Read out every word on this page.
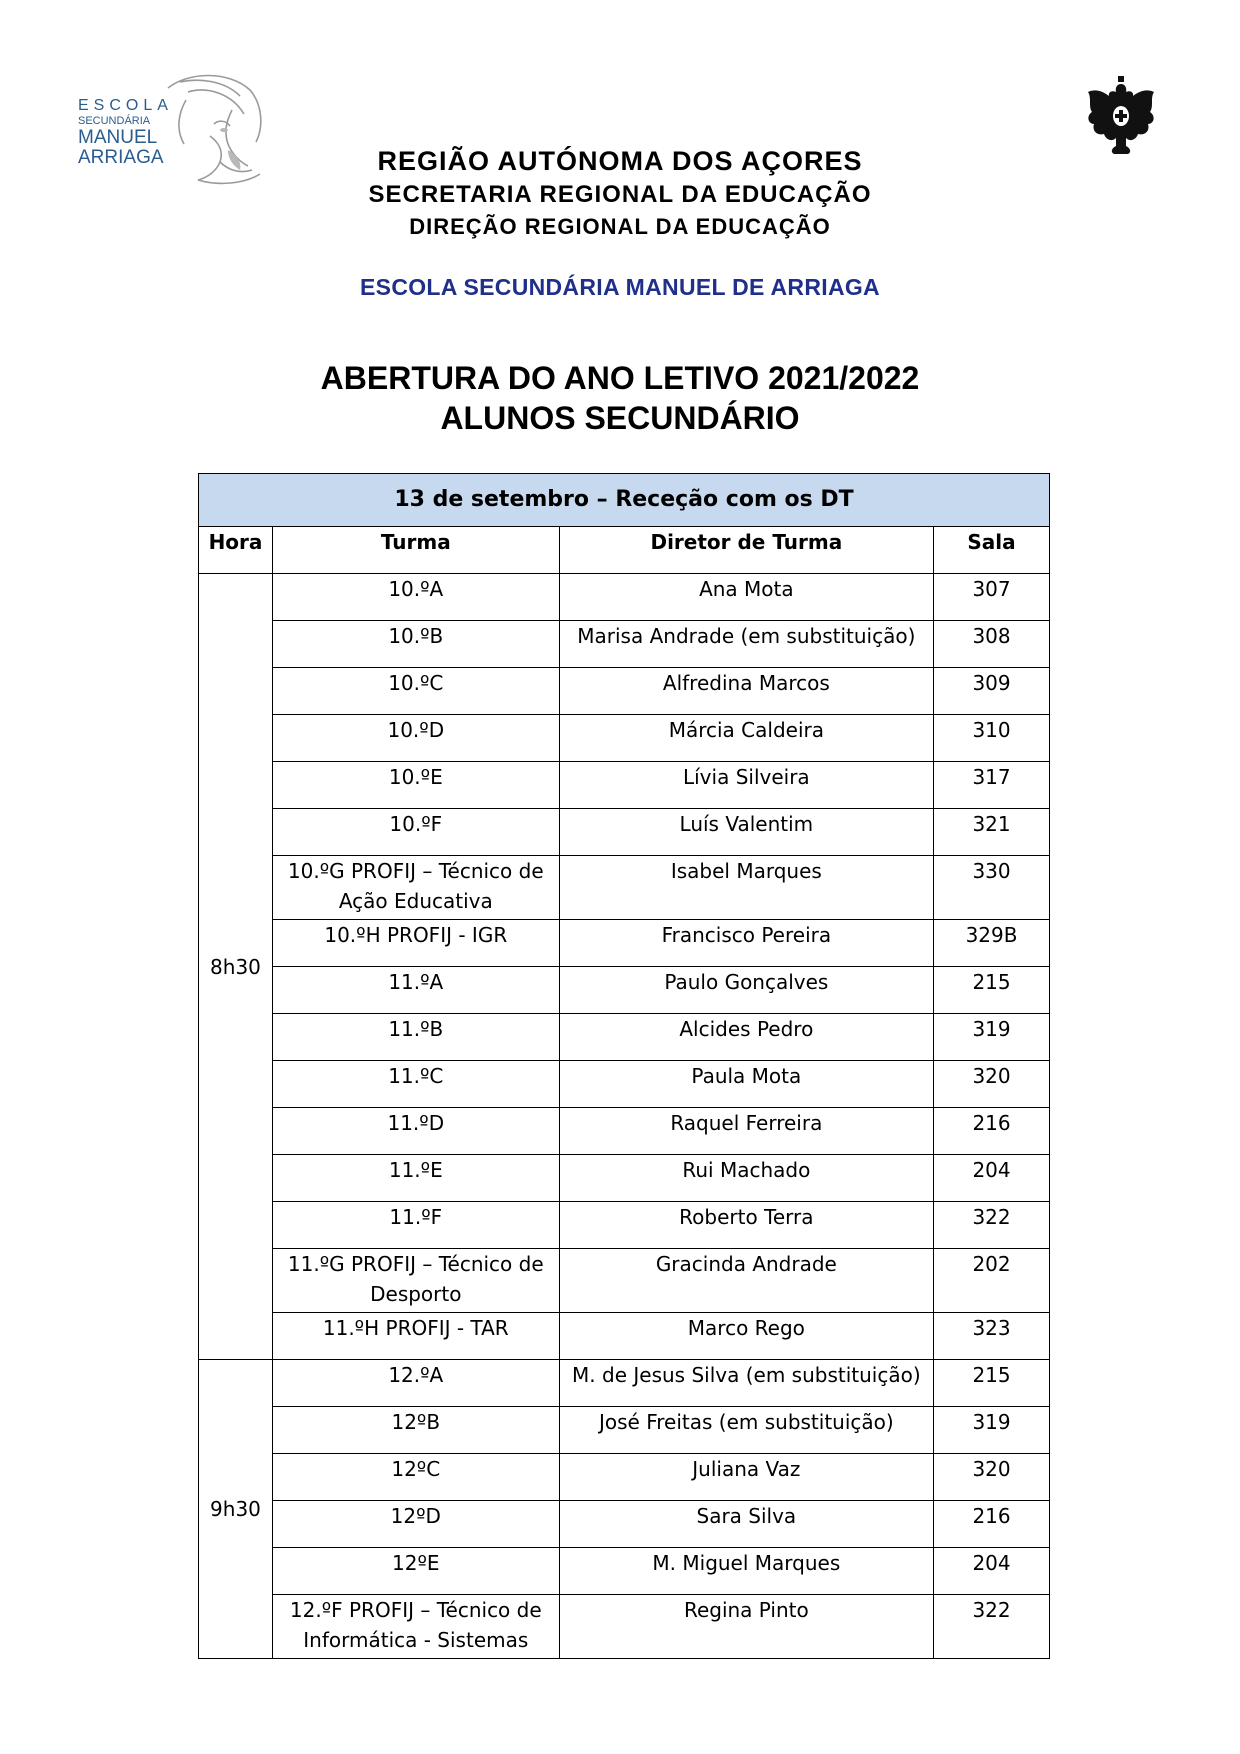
ESCOLA
SECUNDÁRIA
MANUEL
ARRIAGA	REGIÃO AUTÓNOMA DOS AÇORES
SECRETARIA REGIONAL DA EDUCAÇÃO
DIREÇÃO REGIONAL DA EDUCAÇÃO
ESCOLA SECUNDÁRIA MANUEL DE ARRIAGA
ABERTURA DO ANO LETIVO 2021/2022
ALUNOS SECUNDÁRIO
13 de setembro – Receção com os DT			
Hora	Turma	Diretor de Turma	Sala
8h30	10.ºA	Ana Mota	307
	10.ºB	Marisa Andrade (em substituição)	308
	10.ºC	Alfredina Marcos	309
	10.ºD	Márcia Caldeira	310
	10.ºE	Lívia Silveira	317
	10.ºF	Luís Valentim	321
	10.ºG PROFIJ – Técnico de Ação Educativa	Isabel Marques	330
	10.ºH PROFIJ - IGR	Francisco Pereira	329B
	11.ºA	Paulo Gonçalves	215
	11.ºB	Alcides Pedro	319
	11.ºC	Paula Mota	320
	11.ºD	Raquel Ferreira	216
	11.ºE	Rui Machado	204
	11.ºF	Roberto Terra	322
	11.ºG PROFIJ – Técnico de Desporto	Gracinda Andrade	202
	11.ºH PROFIJ - TAR	Marco Rego	323
9h30	12.ºA	M. de Jesus Silva (em substituição)	215
	12ºB	José Freitas (em substituição)	319
	12ºC	Juliana Vaz	320
	12ºD	Sara Silva	216
	12ºE	M. Miguel Marques	204
	12.ºF PROFIJ – Técnico de Informática - Sistemas	Regina Pinto	322
